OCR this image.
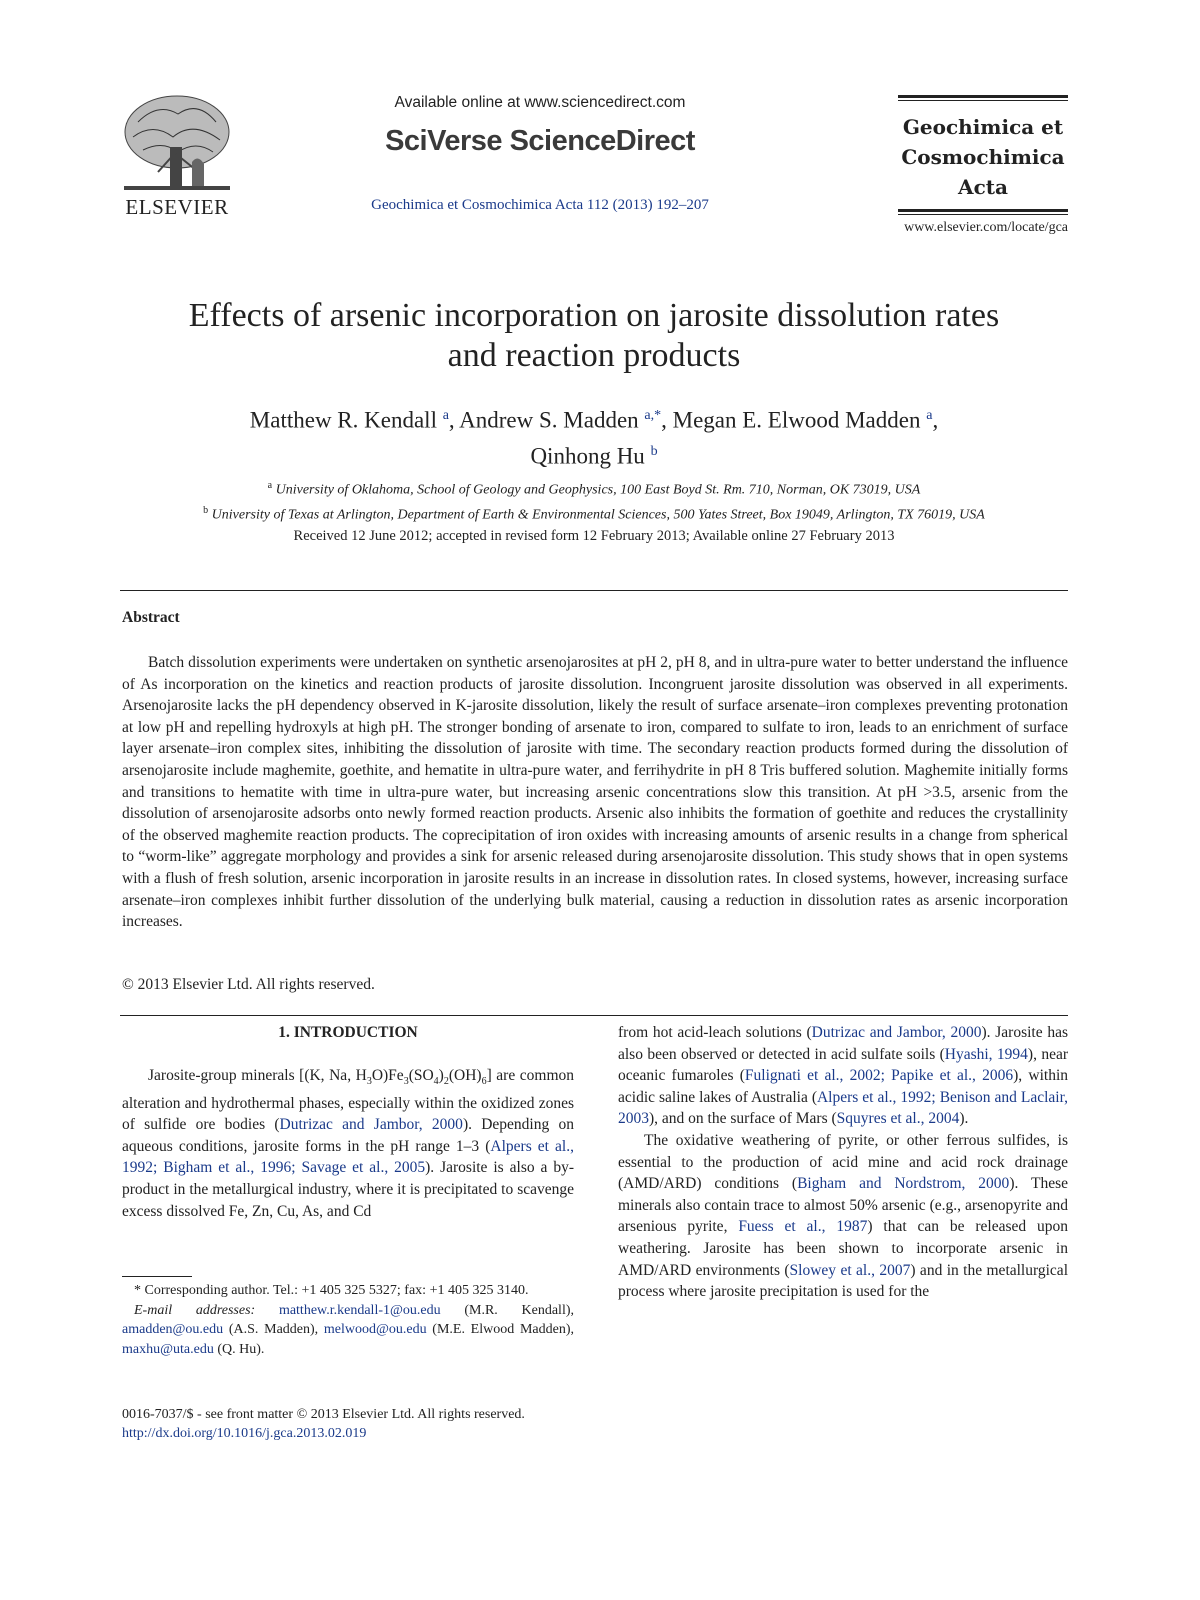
ELSEVIER
Available online at www.sciencedirect.com
SciVerse ScienceDirect
Geochimica et Cosmochimica Acta 112 (2013) 192–207
Geochimica et
Cosmochimica
Acta
www.elsevier.com/locate/gca
Effects of arsenic incorporation on jarosite dissolution rates
and reaction products
Matthew R. Kendall $^a$, Andrew S. Madden $^{a,*}$, Megan E. Elwood Madden $^a$,
Qinhong Hu $^b$
$^a$ University of Oklahoma, School of Geology and Geophysics, 100 East Boyd St. Rm. 710, Norman, OK 73019, USA
$^b$ University of Texas at Arlington, Department of Earth & Environmental Sciences, 500 Yates Street, Box 19049, Arlington, TX 76019, USA
Received 12 June 2012; accepted in revised form 12 February 2013; Available online 27 February 2013
Abstract

Batch dissolution experiments were undertaken on synthetic arsenojarosites at pH 2, pH 8, and in ultra-pure water to better understand the influence of As incorporation on the kinetics and reaction products of jarosite dissolution. Incongruent jarosite dissolution was observed in all experiments. Arsenojarosite lacks the pH dependency observed in K-jarosite dissolution, likely the result of surface arsenate–iron complexes preventing protonation at low pH and repelling hydroxyls at high pH. The stronger bonding of arsenate to iron, compared to sulfate to iron, leads to an enrichment of surface layer arsenate–iron complex sites, inhibiting the dissolution of jarosite with time. The secondary reaction products formed during the dissolution of arsenojarosite include maghemite, goethite, and hematite in ultra-pure water, and ferrihydrite in pH 8 Tris buffered solution. Maghemite initially forms and transitions to hematite with time in ultra-pure water, but increasing arsenic concentrations slow this transition. At pH >3.5, arsenic from the dissolution of arsenojarosite adsorbs onto newly formed reaction products. Arsenic also inhibits the formation of goethite and reduces the crystallinity of the observed maghemite reaction products. The coprecipitation of iron oxides with increasing amounts of arsenic results in a change from spherical to “worm-like” aggregate morphology and provides a sink for arsenic released during arsenojarosite dissolution. This study shows that in open systems with a flush of fresh solution, arsenic incorporation in jarosite results in an increase in dissolution rates. In closed systems, however, increasing surface arsenate–iron complexes inhibit further dissolution of the underlying bulk material, causing a reduction in dissolution rates as arsenic incorporation increases.

© 2013 Elsevier Ltd. All rights reserved.
1. INTRODUCTION

Jarosite-group minerals [(K, Na, $H_3O)Fe_3(SO_4)_2(OH)_6$] are common alteration and hydrothermal phases, especially within the oxidized zones of sulfide ore bodies (Dutrizac and Jambor, 2000). Depending on aqueous conditions, jarosite forms in the pH range 1–3 (Alpers et al., 1992; Bigham et al., 1996; Savage et al., 2005). Jarosite is also a by-product in the metallurgical industry, where it is precipitated to scavenge excess dissolved Fe, Zn, Cu, As, and Cd

* Corresponding author. Tel.: +1 405 325 5327; fax: +1 405 325 3140.

E-mail addresses: matthew.r.kendall-1@ou.edu (M.R. Kendall), amadden@ou.edu (A.S. Madden), melwood@ou.edu (M.E. Elwood Madden), maxhu@uta.edu (Q. Hu).

0016-7037/$ - see front matter © 2013 Elsevier Ltd. All rights reserved.
http://dx.doi.org/10.1016/j.gca.2013.02.019

from hot acid-leach solutions (Dutrizac and Jambor, 2000). Jarosite has also been observed or detected in acid sulfate soils (Hyashi, 1994), near oceanic fumaroles (Fulignati et al., 2002; Papike et al., 2006), within acidic saline lakes of Australia (Alpers et al., 1992; Benison and Laclair, 2003), and on the surface of Mars (Squyres et al., 2004).

The oxidative weathering of pyrite, or other ferrous sulfides, is essential to the production of acid mine and acid rock drainage (AMD/ARD) conditions (Bigham and Nordstrom, 2000). These minerals also contain trace to almost 50% arsenic (e.g., arsenopyrite and arsenious pyrite, Fuess et al., 1987) that can be released upon weathering. Jarosite has been shown to incorporate arsenic in AMD/ARD environments (Slowey et al., 2007) and in the metallurgical process where jarosite precipitation is used for the
